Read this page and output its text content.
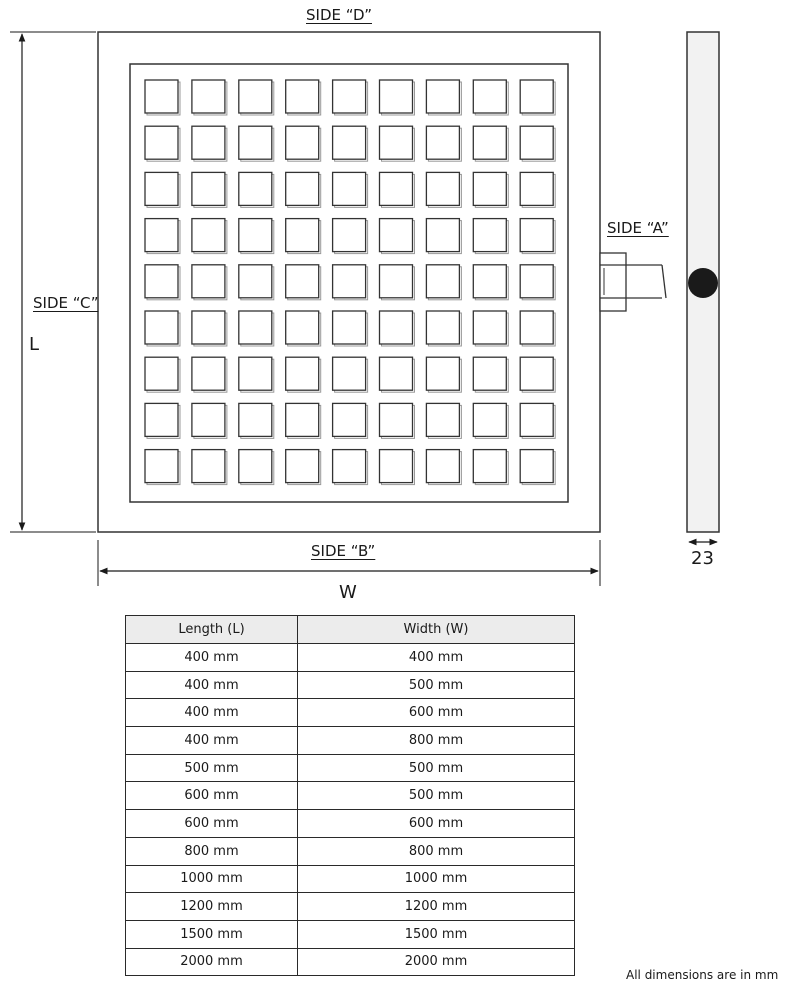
SIDE “D”
SIDE “C”
SIDE “B”
SIDE “A”
L
W
23
Length (L)	Width (W)
400 mm	400 mm
400 mm	500 mm
400 mm	600 mm
400 mm	800 mm
500 mm	500 mm
600 mm	500 mm
600 mm	600 mm
800 mm	800 mm
1000 mm	1000 mm
1200 mm	1200 mm
1500 mm	1500 mm
2000 mm	2000 mm
All dimensions are in mm
